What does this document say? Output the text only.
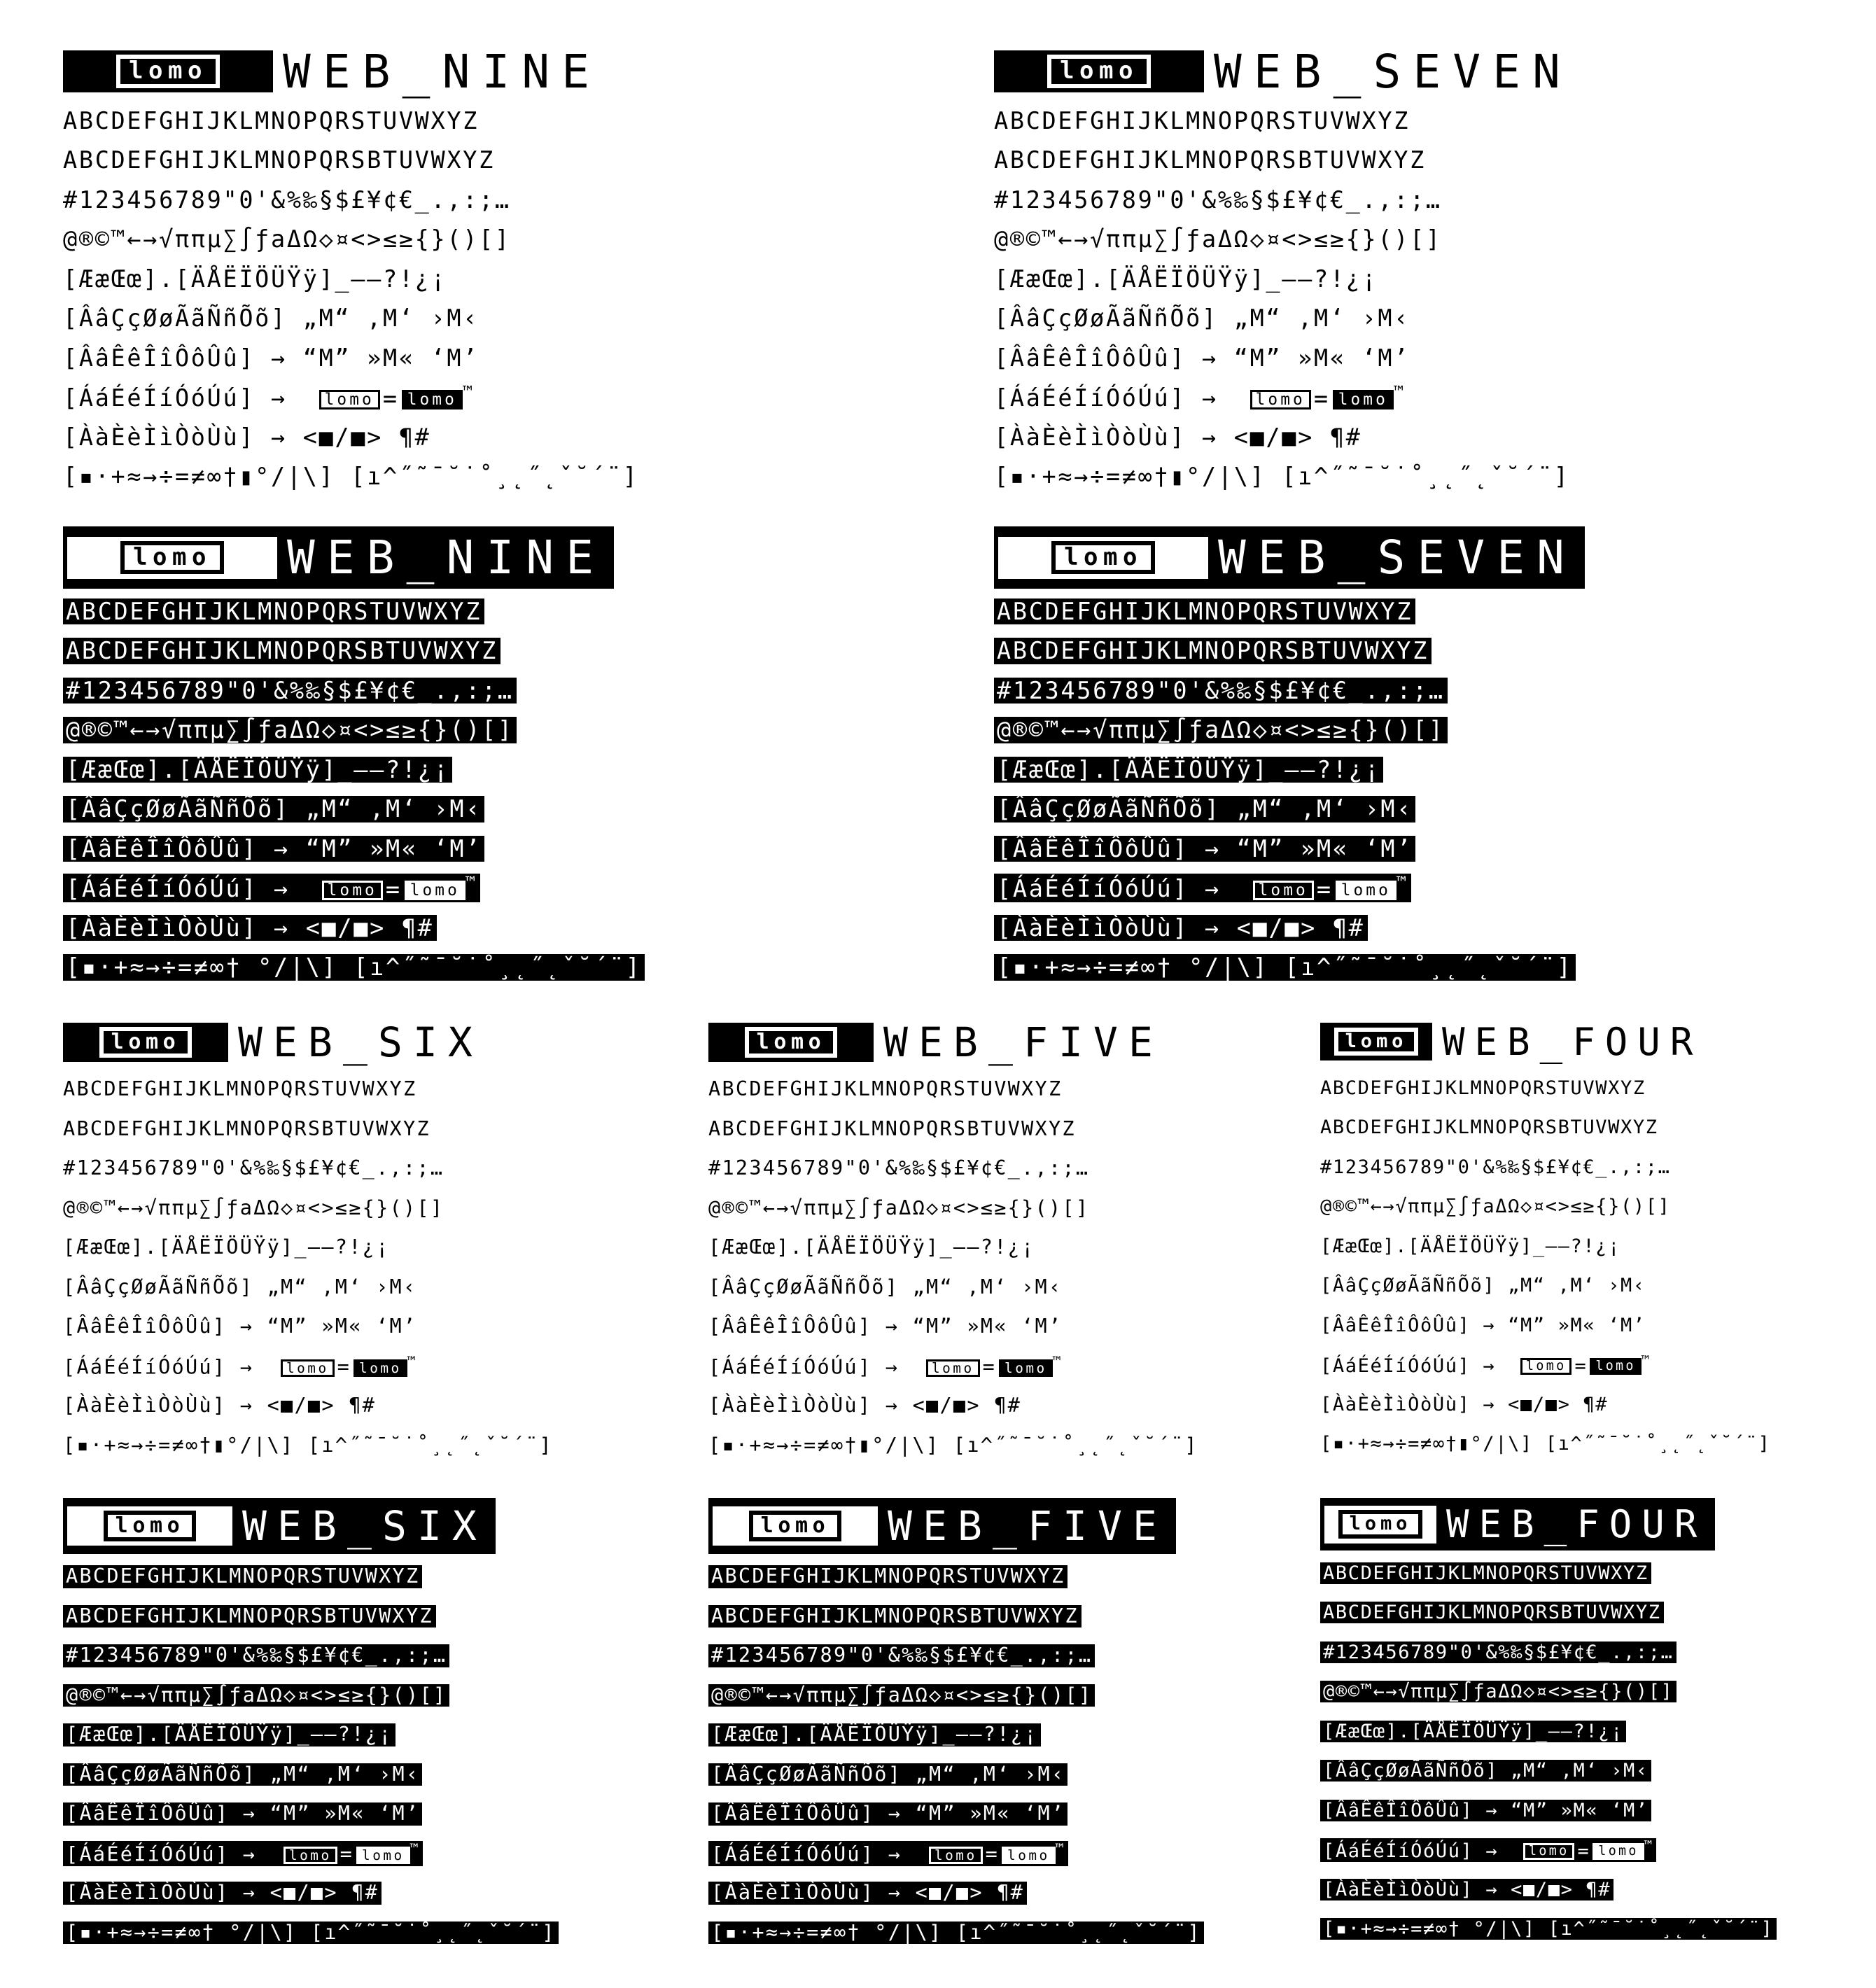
lomo WEB_NINE
ABCDEFGHIJKLMNOPQRSTUVWXYZ
ABCDEFGHIJKLMNOPQRSBTUVWXYZ
#123456789"0'&%‰§$£¥¢€_.,:;…
@®©™←→√ππμ∑∫ƒaΔΩ◇¤<>≤≥{}()[]
[ÆæŒœ].[ÄÅËÏÖÜŸÿ]_——?!¿¡
[ÂâÇçØøÃãÑñÕõ] „M“ ‚M‘ ›M‹
[ÂâÊêÎîÔôÛû] → “M” »M« ‘M’
[ÁáÉéÍíÓóÚú] →  lomo = lomo ™
[ÀàÈèÌìÒòÙù] → <■/■> ¶#
[▪·+≈→÷=≠∞†▮°/|\] [ı^˝˜¯˘˙˚¸˛˝˛ˇ˘´¨]
lomo WEB_SEVEN
ABCDEFGHIJKLMNOPQRSTUVWXYZ
ABCDEFGHIJKLMNOPQRSBTUVWXYZ
#123456789"0'&%‰§$£¥¢€_.,:;…
@®©™←→√ππμ∑∫ƒaΔΩ◇¤<>≤≥{}()[]
[ÆæŒœ].[ÄÅËÏÖÜŸÿ]_——?!¿¡
[ÂâÇçØøÃãÑñÕõ] „M“ ‚M‘ ›M‹
[ÂâÊêÎîÔôÛû] → “M” »M« ‘M’
[ÁáÉéÍíÓóÚú] →  lomo = lomo ™
[ÀàÈèÌìÒòÙù] → <■/■> ¶#
[▪·+≈→÷=≠∞†▮°/|\] [ı^˝˜¯˘˙˚¸˛˝˛ˇ˘´¨]
lomo WEB_NINE
ABCDEFGHIJKLMNOPQRSTUVWXYZ
ABCDEFGHIJKLMNOPQRSBTUVWXYZ
#123456789"0'&%‰§$£¥¢€_.,:;…
@®©™←→√ππμ∑∫ƒaΔΩ◇¤<>≤≥{}()[]
[ÆæŒœ].[ÄÅËÏÖÜŸÿ]_——?!¿¡
[ÂâÇçØøÃãÑñÕõ] „M“ ‚M‘ ›M‹
[ÂâÊêÎîÔôÛû] → “M” »M« ‘M’
[ÁáÉéÍíÓóÚú] →  lomo = lomo ™
[ÀàÈèÌìÒòÙù] → <■/■> ¶#
[▪·+≈→÷=≠∞† °/|\] [ı^˝˜¯˘˙˚¸˛˝˛ˇ˘´¨]
lomo WEB_SEVEN
ABCDEFGHIJKLMNOPQRSTUVWXYZ
ABCDEFGHIJKLMNOPQRSBTUVWXYZ
#123456789"0'&%‰§$£¥¢€_.,:;…
@®©™←→√ππμ∑∫ƒaΔΩ◇¤<>≤≥{}()[]
[ÆæŒœ].[ÄÅËÏÖÜŸÿ]_——?!¿¡
[ÂâÇçØøÃãÑñÕõ] „M“ ‚M‘ ›M‹
[ÂâÊêÎîÔôÛû] → “M” »M« ‘M’
[ÁáÉéÍíÓóÚú] →  lomo = lomo ™
[ÀàÈèÌìÒòÙù] → <■/■> ¶#
[▪·+≈→÷=≠∞† °/|\] [ı^˝˜¯˘˙˚¸˛˝˛ˇ˘´¨]
lomo WEB_SIX
ABCDEFGHIJKLMNOPQRSTUVWXYZ
ABCDEFGHIJKLMNOPQRSBTUVWXYZ
#123456789"0'&%‰§$£¥¢€_.,:;…
@®©™←→√ππμ∑∫ƒaΔΩ◇¤<>≤≥{}()[]
[ÆæŒœ].[ÄÅËÏÖÜŸÿ]_——?!¿¡
[ÂâÇçØøÃãÑñÕõ] „M“ ‚M‘ ›M‹
[ÂâÊêÎîÔôÛû] → “M” »M« ‘M’
[ÁáÉéÍíÓóÚú] →  lomo = lomo ™
[ÀàÈèÌìÒòÙù] → <■/■> ¶#
[▪·+≈→÷=≠∞†▮°/|\] [ı^˝˜¯˘˙˚¸˛˝˛ˇ˘´¨]
lomo WEB_FIVE
ABCDEFGHIJKLMNOPQRSTUVWXYZ
ABCDEFGHIJKLMNOPQRSBTUVWXYZ
#123456789"0'&%‰§$£¥¢€_.,:;…
@®©™←→√ππμ∑∫ƒaΔΩ◇¤<>≤≥{}()[]
[ÆæŒœ].[ÄÅËÏÖÜŸÿ]_——?!¿¡
[ÂâÇçØøÃãÑñÕõ] „M“ ‚M‘ ›M‹
[ÂâÊêÎîÔôÛû] → “M” »M« ‘M’
[ÁáÉéÍíÓóÚú] →  lomo = lomo ™
[ÀàÈèÌìÒòÙù] → <■/■> ¶#
[▪·+≈→÷=≠∞†▮°/|\] [ı^˝˜¯˘˙˚¸˛˝˛ˇ˘´¨]
lomo WEB_FOUR
ABCDEFGHIJKLMNOPQRSTUVWXYZ
ABCDEFGHIJKLMNOPQRSBTUVWXYZ
#123456789"0'&%‰§$£¥¢€_.,:;…
@®©™←→√ππμ∑∫ƒaΔΩ◇¤<>≤≥{}()[]
[ÆæŒœ].[ÄÅËÏÖÜŸÿ]_——?!¿¡
[ÂâÇçØøÃãÑñÕõ] „M“ ‚M‘ ›M‹
[ÂâÊêÎîÔôÛû] → “M” »M« ‘M’
[ÁáÉéÍíÓóÚú] →  lomo = lomo ™
[ÀàÈèÌìÒòÙù] → <■/■> ¶#
[▪·+≈→÷=≠∞†▮°/|\] [ı^˝˜¯˘˙˚¸˛˝˛ˇ˘´¨]
lomo WEB_SIX
ABCDEFGHIJKLMNOPQRSTUVWXYZ
ABCDEFGHIJKLMNOPQRSBTUVWXYZ
#123456789"0'&%‰§$£¥¢€_.,:;…
@®©™←→√ππμ∑∫ƒaΔΩ◇¤<>≤≥{}()[]
[ÆæŒœ].[ÄÅËÏÖÜŸÿ]_——?!¿¡
[ÂâÇçØøÃãÑñÕõ] „M“ ‚M‘ ›M‹
[ÂâÊêÎîÔôÛû] → “M” »M« ‘M’
[ÁáÉéÍíÓóÚú] →  lomo = lomo ™
[ÀàÈèÌìÒòÙù] → <■/■> ¶#
[▪·+≈→÷=≠∞† °/|\] [ı^˝˜¯˘˙˚¸˛˝˛ˇ˘´¨]
lomo WEB_FIVE
ABCDEFGHIJKLMNOPQRSTUVWXYZ
ABCDEFGHIJKLMNOPQRSBTUVWXYZ
#123456789"0'&%‰§$£¥¢€_.,:;…
@®©™←→√ππμ∑∫ƒaΔΩ◇¤<>≤≥{}()[]
[ÆæŒœ].[ÄÅËÏÖÜŸÿ]_——?!¿¡
[ÂâÇçØøÃãÑñÕõ] „M“ ‚M‘ ›M‹
[ÂâÊêÎîÔôÛû] → “M” »M« ‘M’
[ÁáÉéÍíÓóÚú] →  lomo = lomo ™
[ÀàÈèÌìÒòÙù] → <■/■> ¶#
[▪·+≈→÷=≠∞† °/|\] [ı^˝˜¯˘˙˚¸˛˝˛ˇ˘´¨]
lomo WEB_FOUR
ABCDEFGHIJKLMNOPQRSTUVWXYZ
ABCDEFGHIJKLMNOPQRSBTUVWXYZ
#123456789"0'&%‰§$£¥¢€_.,:;…
@®©™←→√ππμ∑∫ƒaΔΩ◇¤<>≤≥{}()[]
[ÆæŒœ].[ÄÅËÏÖÜŸÿ]_——?!¿¡
[ÂâÇçØøÃãÑñÕõ] „M“ ‚M‘ ›M‹
[ÂâÊêÎîÔôÛû] → “M” »M« ‘M’
[ÁáÉéÍíÓóÚú] →  lomo = lomo ™
[ÀàÈèÌìÒòÙù] → <■/■> ¶#
[▪·+≈→÷=≠∞† °/|\] [ı^˝˜¯˘˙˚¸˛˝˛ˇ˘´¨]
